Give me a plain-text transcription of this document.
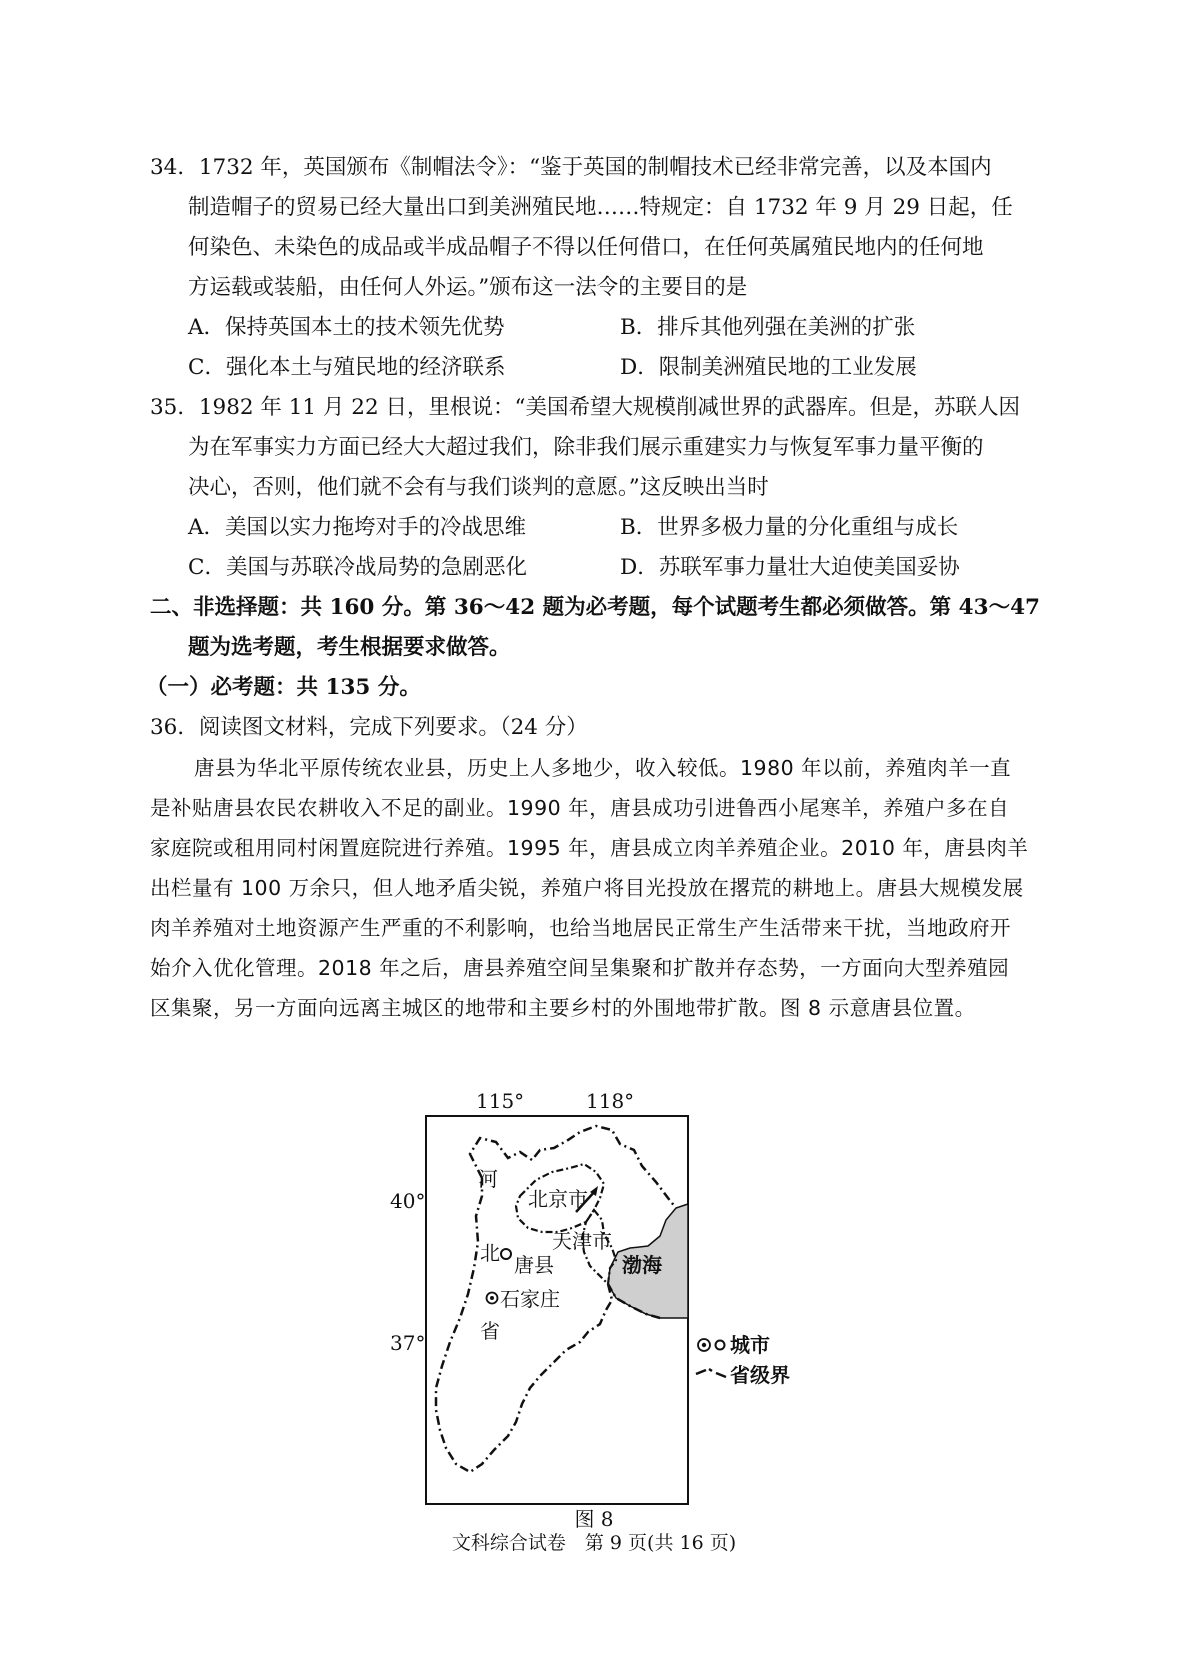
34．1732 年，英国颁布《制帽法令》：“鉴于英国的制帽技术已经非常完善，以及本国内
制造帽子的贸易已经大量出口到美洲殖民地……特规定：自 1732 年 9 月 29 日起，任
何染色、未染色的成品或半成品帽子不得以任何借口，在任何英属殖民地内的任何地
方运载或装船，由任何人外运。”颁布这一法令的主要目的是
A．保持英国本土的技术领先优势	B．排斥其他列强在美洲的扩张
C．强化本土与殖民地的经济联系	D．限制美洲殖民地的工业发展
35．1982 年 11 月 22 日，里根说：“美国希望大规模削减世界的武器库。但是，苏联人因
为在军事实力方面已经大大超过我们，除非我们展示重建实力与恢复军事力量平衡的
决心，否则，他们就不会有与我们谈判的意愿。”这反映出当时
A．美国以实力拖垮对手的冷战思维	B．世界多极力量的分化重组与成长
C．美国与苏联冷战局势的急剧恶化	D．苏联军事力量壮大迫使美国妥协
二、非选择题：共 160 分。第 36～42 题为必考题，每个试题考生都必须做答。第 43～47
题为选考题，考生根据要求做答。
（一）必考题：共 135 分。
36．阅读图文材料，完成下列要求。（24 分）
唐县为华北平原传统农业县，历史上人多地少，收入较低。1980 年以前，养殖肉羊一直
是补贴唐县农民农耕收入不足的副业。1990 年，唐县成功引进鲁西小尾寒羊，养殖户多在自
家庭院或租用同村闲置庭院进行养殖。1995 年，唐县成立肉羊养殖企业。2010 年，唐县肉羊
出栏量有 100 万余只，但人地矛盾尖锐，养殖户将目光投放在撂荒的耕地上。唐县大规模发展
肉羊养殖对土地资源产生严重的不利影响，也给当地居民正常生产生活带来干扰，当地政府开
始介入优化管理。2018 年之后，唐县养殖空间呈集聚和扩散并存态势，一方面向大型养殖园
区集聚，另一方面向远离主城区的地带和主要乡村的外围地带扩散。图 8 示意唐县位置。
115°	118°
40°
37°
河
北
省
北京市
天津市
渤海
唐县
石家庄
城市
省级界
图 8
文科综合试卷　第 9 页(共 16 页)
